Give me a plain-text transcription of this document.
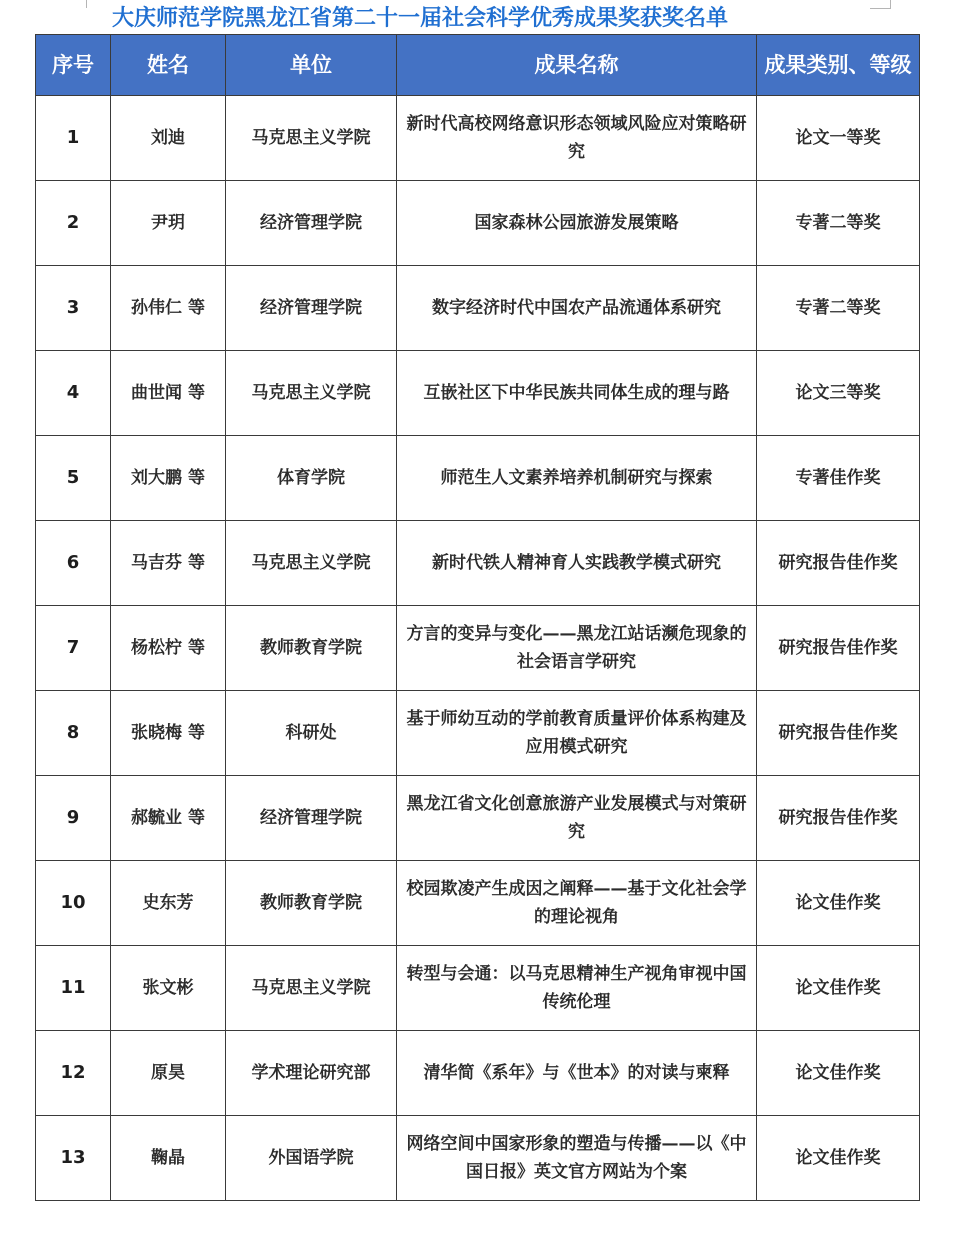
大庆师范学院黑龙江省第二十一届社会科学优秀成果奖获奖名单
序号	姓名	单位	成果名称	成果类别、等级
1	刘迪	马克思主义学院	新时代高校网络意识形态领域风险应对策略研究	论文一等奖
2	尹玥	经济管理学院	国家森林公园旅游发展策略	专著二等奖
3	孙伟仁 等	经济管理学院	数字经济时代中国农产品流通体系研究	专著二等奖
4	曲世闻 等	马克思主义学院	互嵌社区下中华民族共同体生成的理与路	论文三等奖
5	刘大鹏 等	体育学院	师范生人文素养培养机制研究与探索	专著佳作奖
6	马吉芬 等	马克思主义学院	新时代铁人精神育人实践教学模式研究	研究报告佳作奖
7	杨松柠 等	教师教育学院	方言的变异与变化——黑龙江站话濒危现象的社会语言学研究	研究报告佳作奖
8	张晓梅 等	科研处	基于师幼互动的学前教育质量评价体系构建及应用模式研究	研究报告佳作奖
9	郝毓业 等	经济管理学院	黑龙江省文化创意旅游产业发展模式与对策研究	研究报告佳作奖
10	史东芳	教师教育学院	校园欺凌产生成因之阐释——基于文化社会学的理论视角	论文佳作奖
11	张文彬	马克思主义学院	转型与会通：以马克思精神生产视角审视中国传统伦理	论文佳作奖
12	原昊	学术理论研究部	清华简《系年》与《世本》的对读与柬释	论文佳作奖
13	鞠晶	外国语学院	网络空间中国家形象的塑造与传播——以《中国日报》英文官方网站为个案	论文佳作奖
